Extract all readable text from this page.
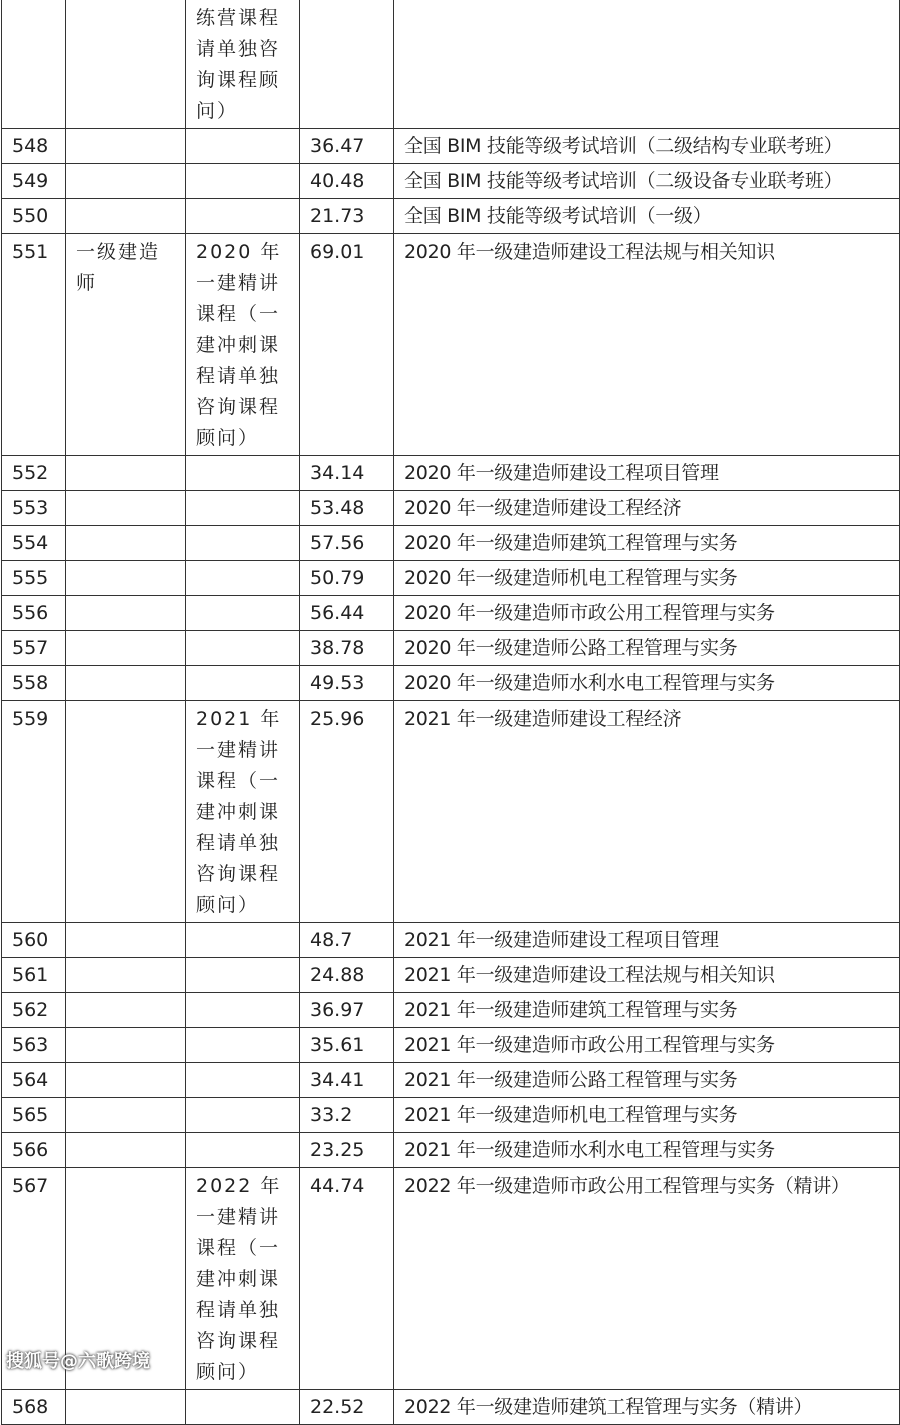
		练营课程请单独咨询课程顾问）		
548			36.47	全国 BIM 技能等级考试培训（二级结构专业联考班）
549			40.48	全国 BIM 技能等级考试培训（二级设备专业联考班）
550			21.73	全国 BIM 技能等级考试培训（一级）
551	一级建造师	2020 年一建精讲课程（一建冲刺课程请单独咨询课程顾问）	69.01	2020 年一级建造师建设工程法规与相关知识
552			34.14	2020 年一级建造师建设工程项目管理
553			53.48	2020 年一级建造师建设工程经济
554			57.56	2020 年一级建造师建筑工程管理与实务
555			50.79	2020 年一级建造师机电工程管理与实务
556			56.44	2020 年一级建造师市政公用工程管理与实务
557			38.78	2020 年一级建造师公路工程管理与实务
558			49.53	2020 年一级建造师水利水电工程管理与实务
559		2021 年一建精讲课程（一建冲刺课程请单独咨询课程顾问）	25.96	2021 年一级建造师建设工程经济
560			48.7	2021 年一级建造师建设工程项目管理
561			24.88	2021 年一级建造师建设工程法规与相关知识
562			36.97	2021 年一级建造师建筑工程管理与实务
563			35.61	2021 年一级建造师市政公用工程管理与实务
564			34.41	2021 年一级建造师公路工程管理与实务
565			33.2	2021 年一级建造师机电工程管理与实务
566			23.25	2021 年一级建造师水利水电工程管理与实务
567		2022 年一建精讲课程（一建冲刺课程请单独咨询课程顾问）	44.74	2022 年一级建造师市政公用工程管理与实务（精讲）
568			22.52	2022 年一级建造师建筑工程管理与实务（精讲）
搜狐号@六歌跨境
